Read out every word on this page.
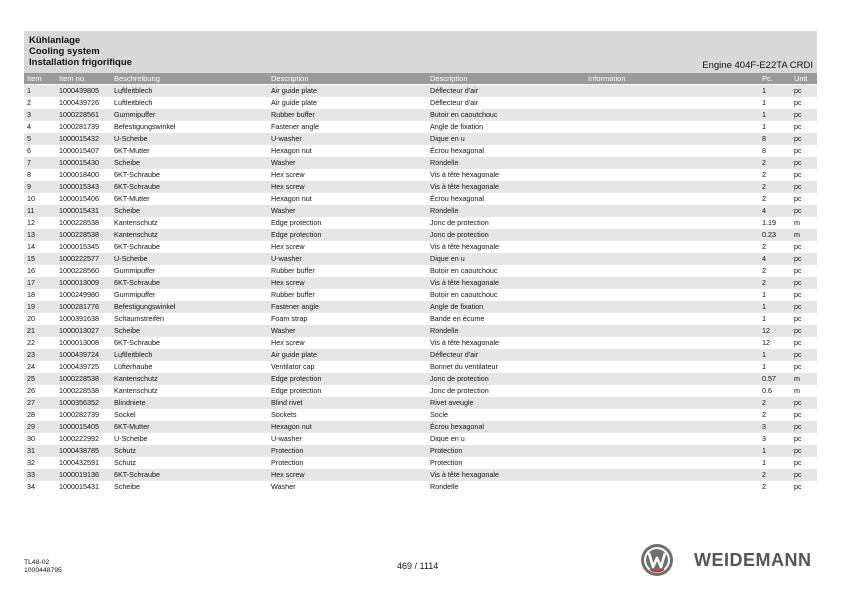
Kühlanlage
Cooling system
Installation frigorifique	Engine 404F-E22TA CRDI
Item Item no.	Beschreibung	Description	Description	Information	Pc.	Unit
1	1000439805	Luftleitblech	Air guide plate	Déflecteur d'air		1	pc
2	1000439726	Luftleitblech	Air guide plate	Déflecteur d'air		1	pc
3	1000228561	Gummipuffer	Rubber buffer	Butoir en caoutchouc		1	pc
4	1000281739	Befestigungswinkel	Fastener angle	Angle de fixation		1	pc
5	1000015432	U-Scheibe	U-washer	Dique en u		8	pc
6	1000015407	6KT-Mutter	Hexagon nut	Écrou hexagonal		8	pc
7	1000015430	Scheibe	Washer	Rondelle		2	pc
8	1000018400	6KT-Schraube	Hex screw	Vis à tête hexagonale		2	pc
9	1000015343	6KT-Schraube	Hex screw	Vis à tête hexagonale		2	pc
10	1000015406	6KT-Mutter	Hexagon nut	Écrou hexagonal		2	pc
11	1000015431	Scheibe	Washer	Rondelle		4	pc
12	1000228538	Kantenschutz	Edge protection	Jonc de protection		1.19	m
13	1000228538	Kantenschutz	Edge protection	Jonc de protection		0.23	m
14	1000015345	6KT-Schraube	Hex screw	Vis à tête hexagonale		2	pc
15	1000222577	U-Scheibe	U-washer	Dique en u		4	pc
16	1000228560	Gummipuffer	Rubber buffer	Butoir en caoutchouc		2	pc
17	1000013009	6KT-Schraube	Hex screw	Vis à tête hexagonale		2	pc
18	1000249980	Gummipuffer	Rubber buffer	Butoir en caoutchouc		1	pc
19	1000281776	Befestigungswinkel	Fastener angle	Angle de fixation		1	pc
20	1000391638	Schaumstreifen	Foam strap	Bande en écume		1	pc
21	1000013027	Scheibe	Washer	Rondelle		12	pc
22	1000013008	6KT-Schraube	Hex screw	Vis à tête hexagonale		12	pc
23	1000439724	Luftleitblech	Air guide plate	Déflecteur d'air		1	pc
24	1000439725	Lüfterhaube	Ventilator cap	Bonnet du ventilateur		1	pc
25	1000228538	Kantenschutz	Edge protection	Jonc de protection		0.57	m
26	1000228538	Kantenschutz	Edge protection	Jonc de protection		0.6	m
27	1000356352	Blindniete	Blind rivet	Rivet aveugle		2	pc
28	1000282739	Sockel	Sockets	Socle		2	pc
29	1000015405	6KT-Mutter	Hexagon nut	Écrou hexagonal		3	pc
30	1000222992	U-Scheibe	U-washer	Dique en u		3	pc
31	1000438785	Schutz	Protection	Protection		1	pc
32	1000432591	Schutz	Protection	Protection		1	pc
33	1000019136	6KT-Schraube	Hex screw	Vis à tête hexagonale		2	pc
34	1000015431	Scheibe	Washer	Rondelle		2	pc
TL48-02
1000448795	469 / 1114	WEIDEMANN
